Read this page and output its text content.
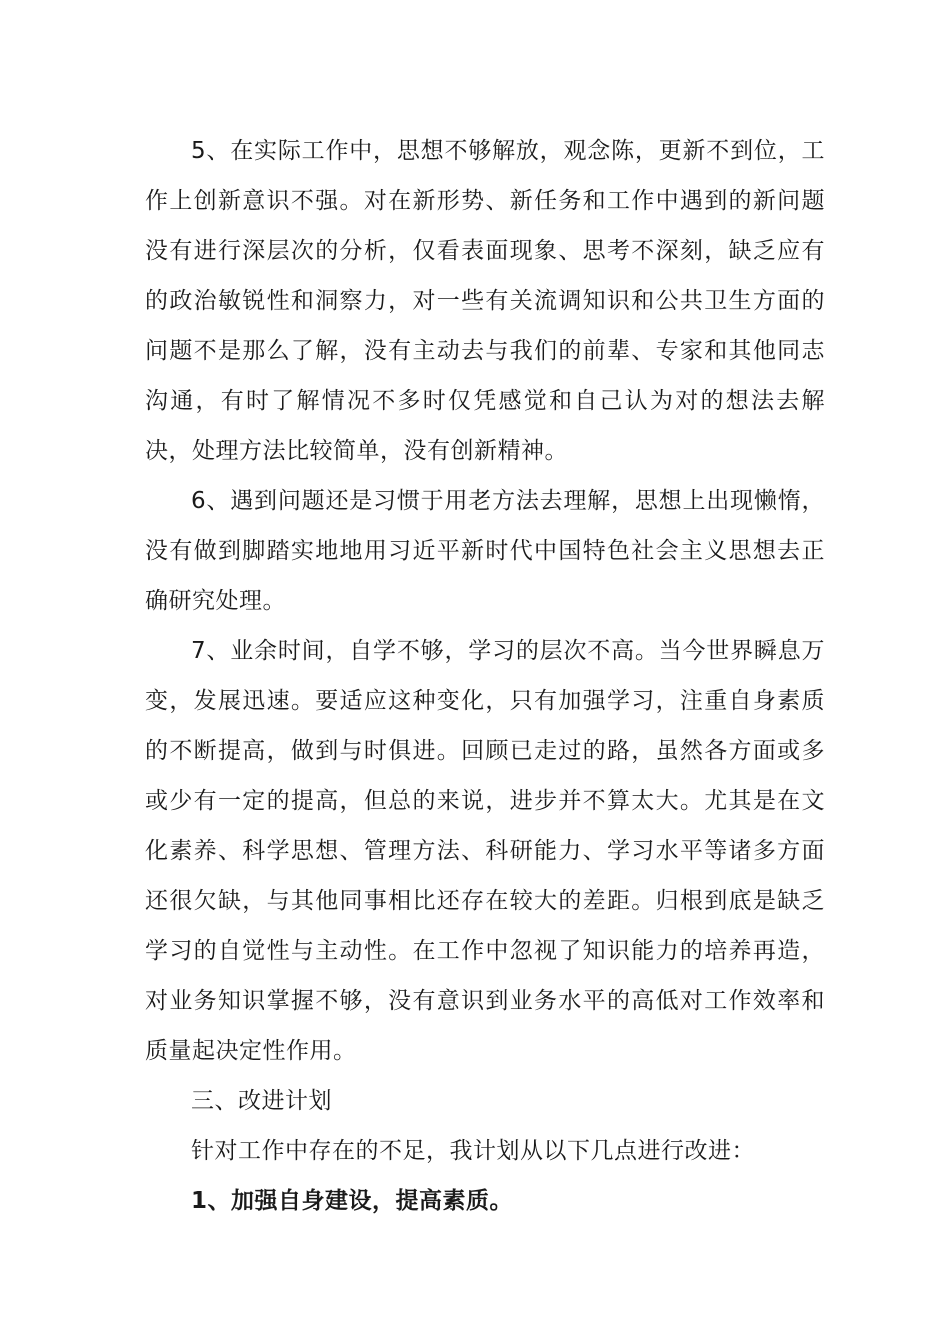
5、在实际工作中，思想不够解放，观念陈，更新不到位，工作上创新意识不强。对在新形势、新任务和工作中遇到的新问题没有进行深层次的分析，仅看表面现象、思考不深刻，缺乏应有的政治敏锐性和洞察力，对一些有关流调知识和公共卫生方面的问题不是那么了解，没有主动去与我们的前辈、专家和其他同志沟通，有时了解情况不多时仅凭感觉和自己认为对的想法去解决，处理方法比较简单，没有创新精神。

6、遇到问题还是习惯于用老方法去理解，思想上出现懒惰，没有做到脚踏实地地用习近平新时代中国特色社会主义思想去正确研究处理。

7、业余时间，自学不够，学习的层次不高。当今世界瞬息万变，发展迅速。要适应这种变化，只有加强学习，注重自身素质的不断提高，做到与时俱进。回顾已走过的路，虽然各方面或多或少有一定的提高，但总的来说，进步并不算太大。尤其是在文化素养、科学思想、管理方法、科研能力、学习水平等诸多方面还很欠缺，与其他同事相比还存在较大的差距。归根到底是缺乏学习的自觉性与主动性。在工作中忽视了知识能力的培养再造，对业务知识掌握不够，没有意识到业务水平的高低对工作效率和质量起决定性作用。

三、改进计划

针对工作中存在的不足，我计划从以下几点进行改进：

1、加强自身建设，提高素质。
